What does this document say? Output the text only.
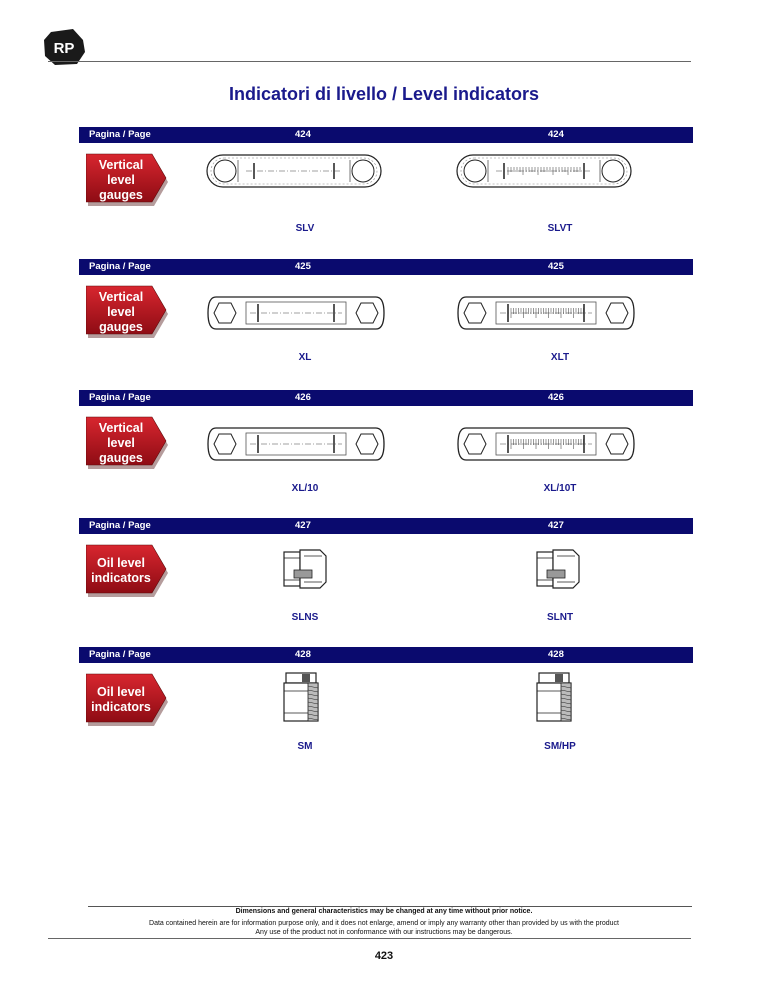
RP
Indicatori di livello / Level indicators
Pagina / Page	424	424
Vertical
level
gauges
SLV	SLVT
Pagina / Page	425	425
Vertical
level
gauges
XL	XLT
Pagina / Page	426	426
Vertical
level
gauges
XL/10	XL/10T
Pagina / Page	427	427
Oil level
indicators
SLNS	SLNT
Pagina / Page	428	428
Oil level
indicators
SM	SM/HP
Dimensions and general characteristics may be changed at any time without prior notice.
Data contained herein are for information purpose only, and it does not enlarge, amend or imply any warranty other than provided by us with the product
Any use of the product not in conformance with our instructions may be dangerous.
423
